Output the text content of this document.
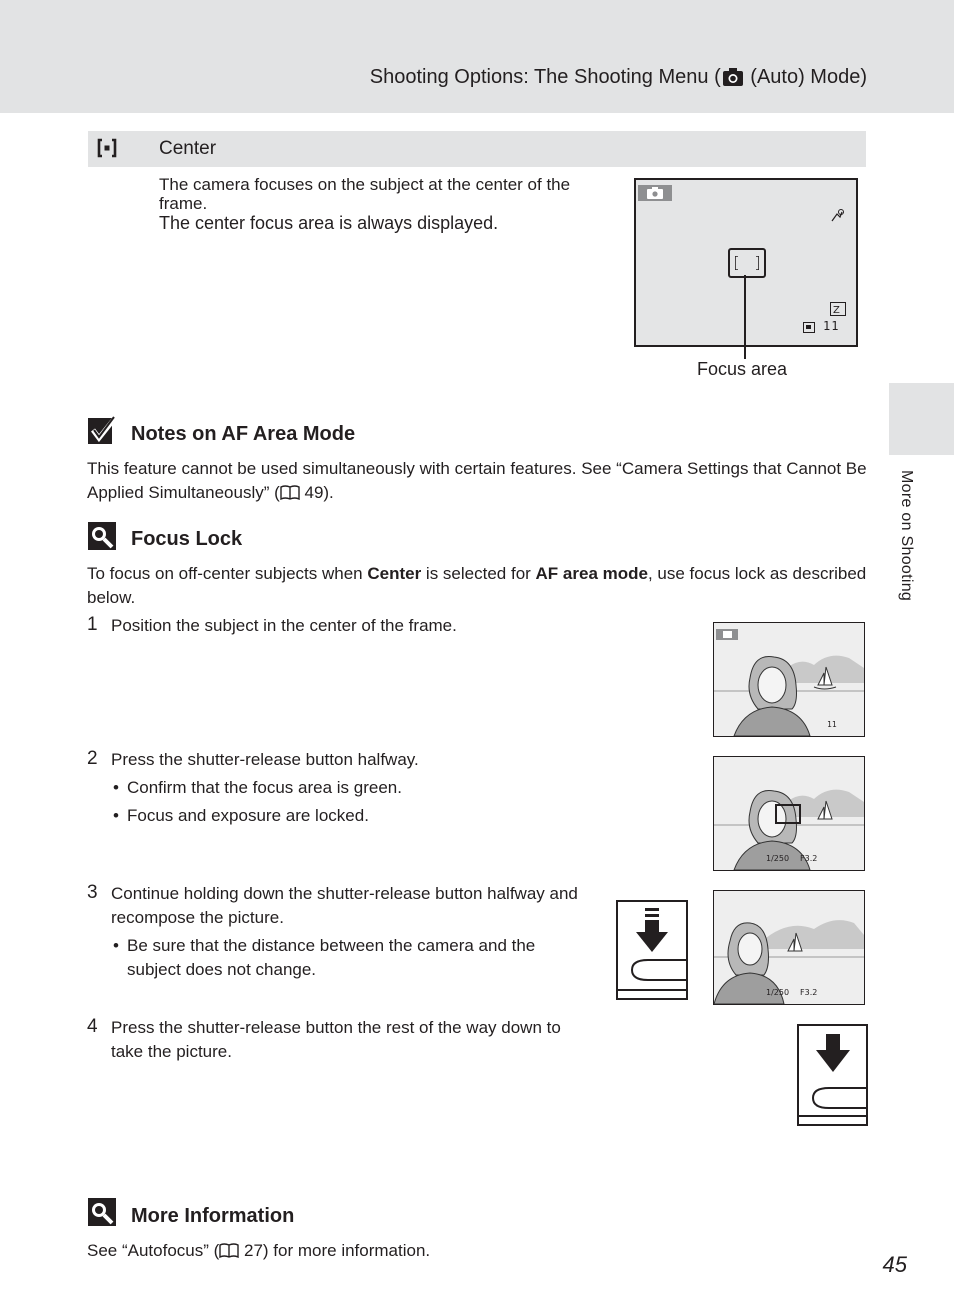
Shooting Options: The Shooting Menu ( (Auto) Mode)
More on Shooting
Center
The camera focuses on the subject at the center of the frame.
The center focus area is always displayed.
Z
11
Focus area
Notes on AF Area Mode
This feature cannot be used simultaneously with certain features. See “Camera Settings that Cannot Be Applied Simultaneously” ( 49).
Focus Lock
To focus on off-center subjects when Center is selected for AF area mode, use focus lock as described below.
1 Position the subject in the center of the frame.
2 Press the shutter-release button halfway.
• Confirm that the focus area is green.
• Focus and exposure are locked.
3 Continue holding down the shutter-release button halfway and recompose the picture.
• Be sure that the distance between the camera and the subject does not change.
4 Press the shutter-release button the rest of the way down to take the picture.
11
1/250 F3.2
1/250 F3.2
More Information
See “Autofocus” ( 27) for more information.
45
